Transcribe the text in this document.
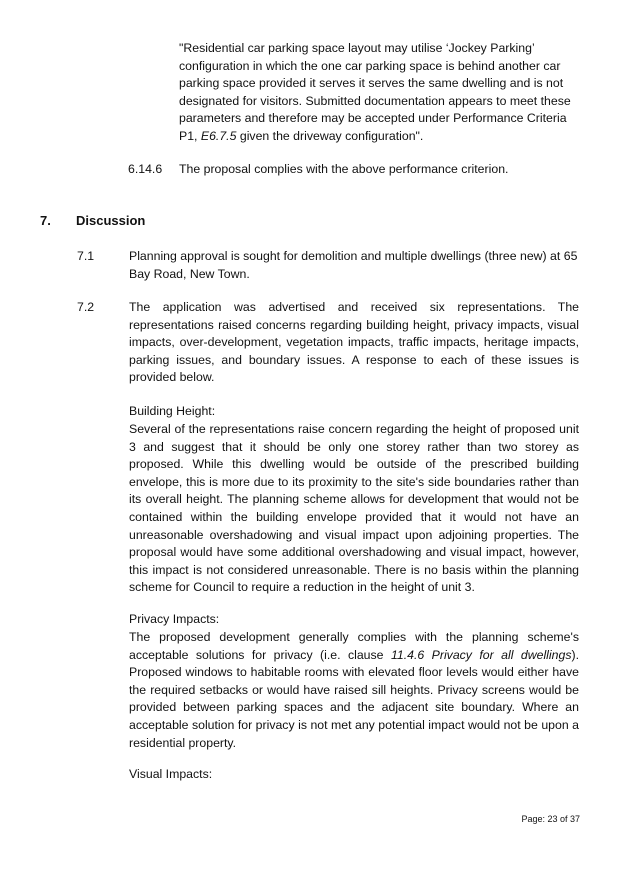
"Residential car parking space layout may utilise ‘Jockey Parking’ configuration in which the one car parking space is behind another car parking space provided it serves it serves the same dwelling and is not designated for visitors. Submitted documentation appears to meet these parameters and therefore may be accepted under Performance Criteria P1, E6.7.5 given the driveway configuration".

6.14.6 The proposal complies with the above performance criterion.

7. Discussion
7.1	Planning approval is sought for demolition and multiple dwellings (three new) at 65 Bay Road, New Town.

7.2	The application was advertised and received six representations. The representations raised concerns regarding building height, privacy impacts, visual impacts, over-development, vegetation impacts, traffic impacts, heritage impacts, parking issues, and boundary issues. A response to each of these issues is provided below.

Building Height:

Several of the representations raise concern regarding the height of proposed unit 3 and suggest that it should be only one storey rather than two storey as proposed. While this dwelling would be outside of the prescribed building envelope, this is more due to its proximity to the site's side boundaries rather than its overall height. The planning scheme allows for development that would not be contained within the building envelope provided that it would not have an unreasonable overshadowing and visual impact upon adjoining properties. The proposal would have some additional overshadowing and visual impact, however, this impact is not considered unreasonable. There is no basis within the planning scheme for Council to require a reduction in the height of unit 3.

Privacy Impacts:

The proposed development generally complies with the planning scheme's acceptable solutions for privacy (i.e. clause 11.4.6 Privacy for all dwellings). Proposed windows to habitable rooms with elevated floor levels would either have the required setbacks or would have raised sill heights. Privacy screens would be provided between parking spaces and the adjacent site boundary. Where an acceptable solution for privacy is not met any potential impact would not be upon a residential property.

Visual Impacts:

Page: 23 of 37
